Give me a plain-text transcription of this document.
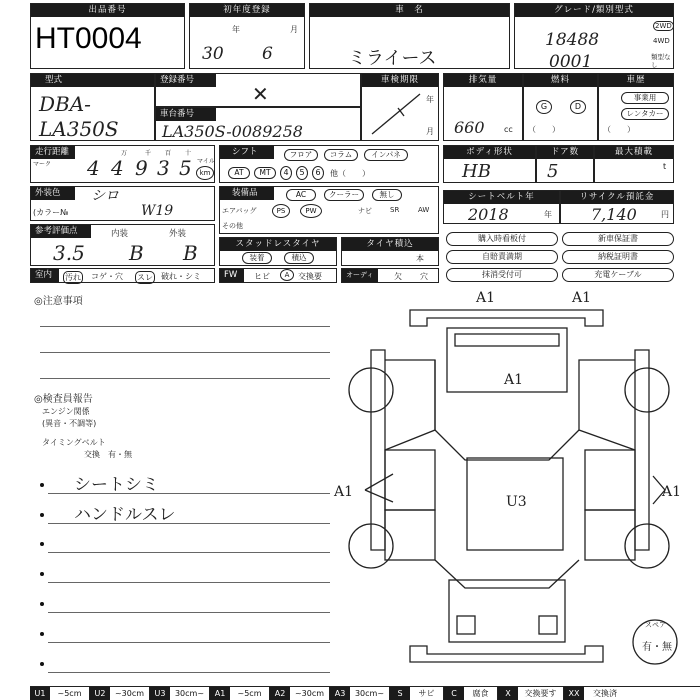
出品番号
HT0004
初年度登録
年	月
30 6
車　名
ミライース
グレード/類別型式
18488
0001
2WD
4WD
類型なし
型式
DBA-
LA350S
登録番号
✕
車台番号
LA350S-0089258
車検期限
年
月
排気量
660 cc
燃料
G	D
（　　）
車歴
事業用
レンタカー
（　　）
走行距離
マーク
万	千 百 十
4 4 9 3 5 マイル
km
シフト	フロア	コラム	インパネ
AT	MT	4	5	6	他（　　）
ボディ形状
HB
ドア数
5
最大積載
t
外装色	シロ
(カラー№	W19
装備品	AC	クーラー	無し
エアバッグ	PS	PW	ナビ	SR	AW
その他
シートベルト年
2018	年
リサイクル預託金
7,140	円
参考評価点	内装	外装
3.5 B B	スタッドレスタイヤ
装着	積込
タイヤ積込
本
購入時看板付
自賠責満期
抹消受付可
新車保証書
納税証明書
充電ケーブル
室内	汚れ コゲ・穴 スレ 破れ・シミ	FW	ヒビ	A	交換要	オーディオ
欠 穴
◎注意事項
◎検査員報告
エンジン関係
(異音・不調等)
タイミングベルト
交換　有・無
シートシミ
ハンドルスレ
A1	A1
A1
A1	A1
U3
スペア
有・無
U1	~5cm	U2	~30cm	U3	30cm~	A1	~5cm	A2	~30cm	A3	30cm~	S	サビ	C	腐食	X	交換要す	XX	交換済
